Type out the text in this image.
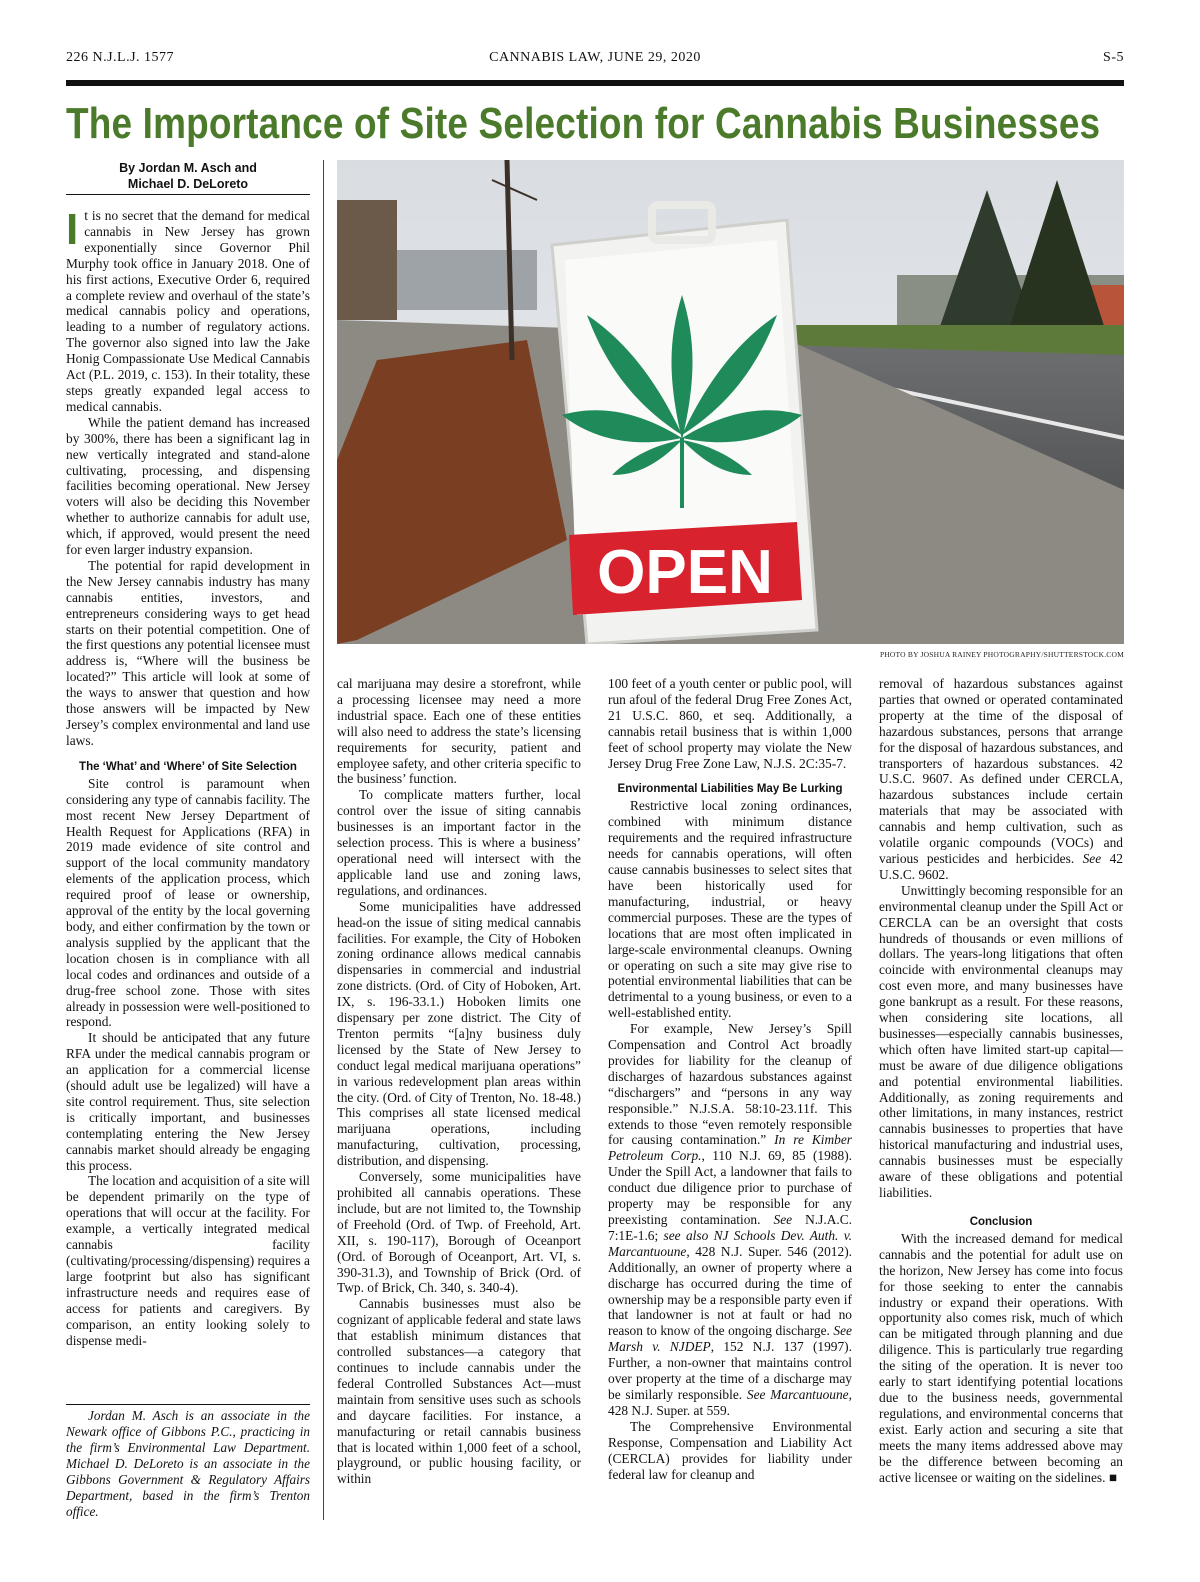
226 N.J.L.J. 1577	CANNABIS LAW, JUNE 29, 2020	S-5
The Importance of Site Selection for Cannabis Businesses
By Jordan M. Asch and
Michael D. DeLoreto

It is no secret that the demand for medical cannabis in New Jersey has grown exponentially since Governor Phil Murphy took office in January 2018. One of his first actions, Executive Order 6, required a complete review and overhaul of the state’s medical cannabis policy and operations, leading to a number of regulatory actions. The governor also signed into law the Jake Honig Compassionate Use Medical Cannabis Act (P.L. 2019, c. 153). In their totality, these steps greatly expanded legal access to medical cannabis.

While the patient demand has increased by 300%, there has been a significant lag in new vertically integrated and stand-alone cultivating, processing, and dispensing facilities becoming operational. New Jersey voters will also be deciding this November whether to authorize cannabis for adult use, which, if approved, would present the need for even larger industry expansion.

The potential for rapid development in the New Jersey cannabis industry has many cannabis entities, investors, and entrepreneurs considering ways to get head starts on their potential competition. One of the first questions any potential licensee must address is, “Where will the business be located?” This article will look at some of the ways to answer that question and how those answers will be impacted by New Jersey’s complex environmental and land use laws.

The ‘What’ and ‘Where’ of Site Selection

Site control is paramount when considering any type of cannabis facility. The most recent New Jersey Department of Health Request for Applications (RFA) in 2019 made evidence of site control and support of the local community mandatory elements of the application process, which required proof of lease or ownership, approval of the entity by the local governing body, and either confirmation by the town or analysis supplied by the applicant that the location chosen is in compliance with all local codes and ordinances and outside of a drug-free school zone. Those with sites already in possession were well-positioned to respond.

It should be anticipated that any future RFA under the medical cannabis program or an application for a commercial license (should adult use be legalized) will have a site control requirement. Thus, site selection is critically important, and businesses contemplating entering the New Jersey cannabis market should already be engaging this process.

The location and acquisition of a site will be dependent primarily on the type of operations that will occur at the facility. For example, a vertically integrated medical cannabis facility (cultivating/processing/dispensing) requires a large footprint but also has significant infrastructure needs and requires ease of access for patients and caregivers. By comparison, an entity looking solely to dispense medi-

Jordan M. Asch is an associate in the Newark office of Gibbons P.C., practicing in the firm’s Environmental Law Department. Michael D. DeLoreto is an associate in the Gibbons Government & Regulatory Affairs Department, based in the firm’s Trenton office.
OPEN
PHOTO BY JOSHUA RAINEY PHOTOGRAPHY/SHUTTERSTOCK.COM

cal marijuana may desire a storefront, while a processing licensee may need a more industrial space. Each one of these entities will also need to address the state’s licensing requirements for security, patient and employee safety, and other criteria specific to the business’ function.

To complicate matters further, local control over the issue of siting cannabis businesses is an important factor in the selection process. This is where a business’ operational need will intersect with the applicable land use and zoning laws, regulations, and ordinances.

Some municipalities have addressed head-on the issue of siting medical cannabis facilities. For example, the City of Hoboken zoning ordinance allows medical cannabis dispensaries in commercial and industrial zone districts. (Ord. of City of Hoboken, Art. IX, s. 196-33.1.) Hoboken limits one dispensary per zone district. The City of Trenton permits “[a]ny business duly licensed by the State of New Jersey to conduct legal medical marijuana operations” in various redevelopment plan areas within the city. (Ord. of City of Trenton, No. 18-48.) This comprises all state licensed medical marijuana operations, including manufacturing, cultivation, processing, distribution, and dispensing.

Conversely, some municipalities have prohibited all cannabis operations. These include, but are not limited to, the Township of Freehold (Ord. of Twp. of Freehold, Art. XII, s. 190-117), Borough of Oceanport (Ord. of Borough of Oceanport, Art. VI, s. 390-31.3), and Township of Brick (Ord. of Twp. of Brick, Ch. 340, s. 340-4).

Cannabis businesses must also be cognizant of applicable federal and state laws that establish minimum distances that controlled substances—a category that continues to include cannabis under the federal Controlled Substances Act—must maintain from sensitive uses such as schools and daycare facilities. For instance, a manufacturing or retail cannabis business that is located within 1,000 feet of a school, playground, or public housing facility, or within

100 feet of a youth center or public pool, will run afoul of the federal Drug Free Zones Act, 21 U.S.C. 860, et seq. Additionally, a cannabis retail business that is within 1,000 feet of school property may violate the New Jersey Drug Free Zone Law, N.J.S. 2C:35-7.

Environmental Liabilities May Be Lurking

Restrictive local zoning ordinances, combined with minimum distance requirements and the required infrastructure needs for cannabis operations, will often cause cannabis businesses to select sites that have been historically used for manufacturing, industrial, or heavy commercial purposes. These are the types of locations that are most often implicated in large-scale environmental cleanups. Owning or operating on such a site may give rise to potential environmental liabilities that can be detrimental to a young business, or even to a well-established entity.

For example, New Jersey’s Spill Compensation and Control Act broadly provides for liability for the cleanup of discharges of hazardous substances against “dischargers” and “persons in any way responsible.” N.J.S.A. 58:10-23.11f. This extends to those “even remotely responsible for causing contamination.” In re Kimber Petroleum Corp., 110 N.J. 69, 85 (1988). Under the Spill Act, a landowner that fails to conduct due diligence prior to purchase of property may be responsible for any preexisting contamination. See N.J.A.C. 7:1E-1.6; see also NJ Schools Dev. Auth. v. Marcantuoune, 428 N.J. Super. 546 (2012). Additionally, an owner of property where a discharge has occurred during the time of ownership may be a responsible party even if that landowner is not at fault or had no reason to know of the ongoing discharge. See Marsh v. NJDEP, 152 N.J. 137 (1997). Further, a non-owner that maintains control over property at the time of a discharge may be similarly responsible. See Marcantuoune, 428 N.J. Super. at 559.

The Comprehensive Environmental Response, Compensation and Liability Act (CERCLA) provides for liability under federal law for cleanup and

removal of hazardous substances against parties that owned or operated contaminated property at the time of the disposal of hazardous substances, persons that arrange for the disposal of hazardous substances, and transporters of hazardous substances. 42 U.S.C. 9607. As defined under CERCLA, hazardous substances include certain materials that may be associated with cannabis and hemp cultivation, such as volatile organic compounds (VOCs) and various pesticides and herbicides. See 42 U.S.C. 9602.

Unwittingly becoming responsible for an environmental cleanup under the Spill Act or CERCLA can be an oversight that costs hundreds of thousands or even millions of dollars. The years-long litigations that often coincide with environmental cleanups may cost even more, and many businesses have gone bankrupt as a result. For these reasons, when considering site locations, all businesses—especially cannabis businesses, which often have limited start-up capital—must be aware of due diligence obligations and potential environmental liabilities. Additionally, as zoning requirements and other limitations, in many instances, restrict cannabis businesses to properties that have historical manufacturing and industrial uses, cannabis businesses must be especially aware of these obligations and potential liabilities.

Conclusion

With the increased demand for medical cannabis and the potential for adult use on the horizon, New Jersey has come into focus for those seeking to enter the cannabis industry or expand their operations. With opportunity also comes risk, much of which can be mitigated through planning and due diligence. This is particularly true regarding the siting of the operation. It is never too early to start identifying potential locations due to the business needs, governmental regulations, and environmental concerns that exist. Early action and securing a site that meets the many items addressed above may be the difference between becoming an active licensee or waiting on the sidelines. ■
